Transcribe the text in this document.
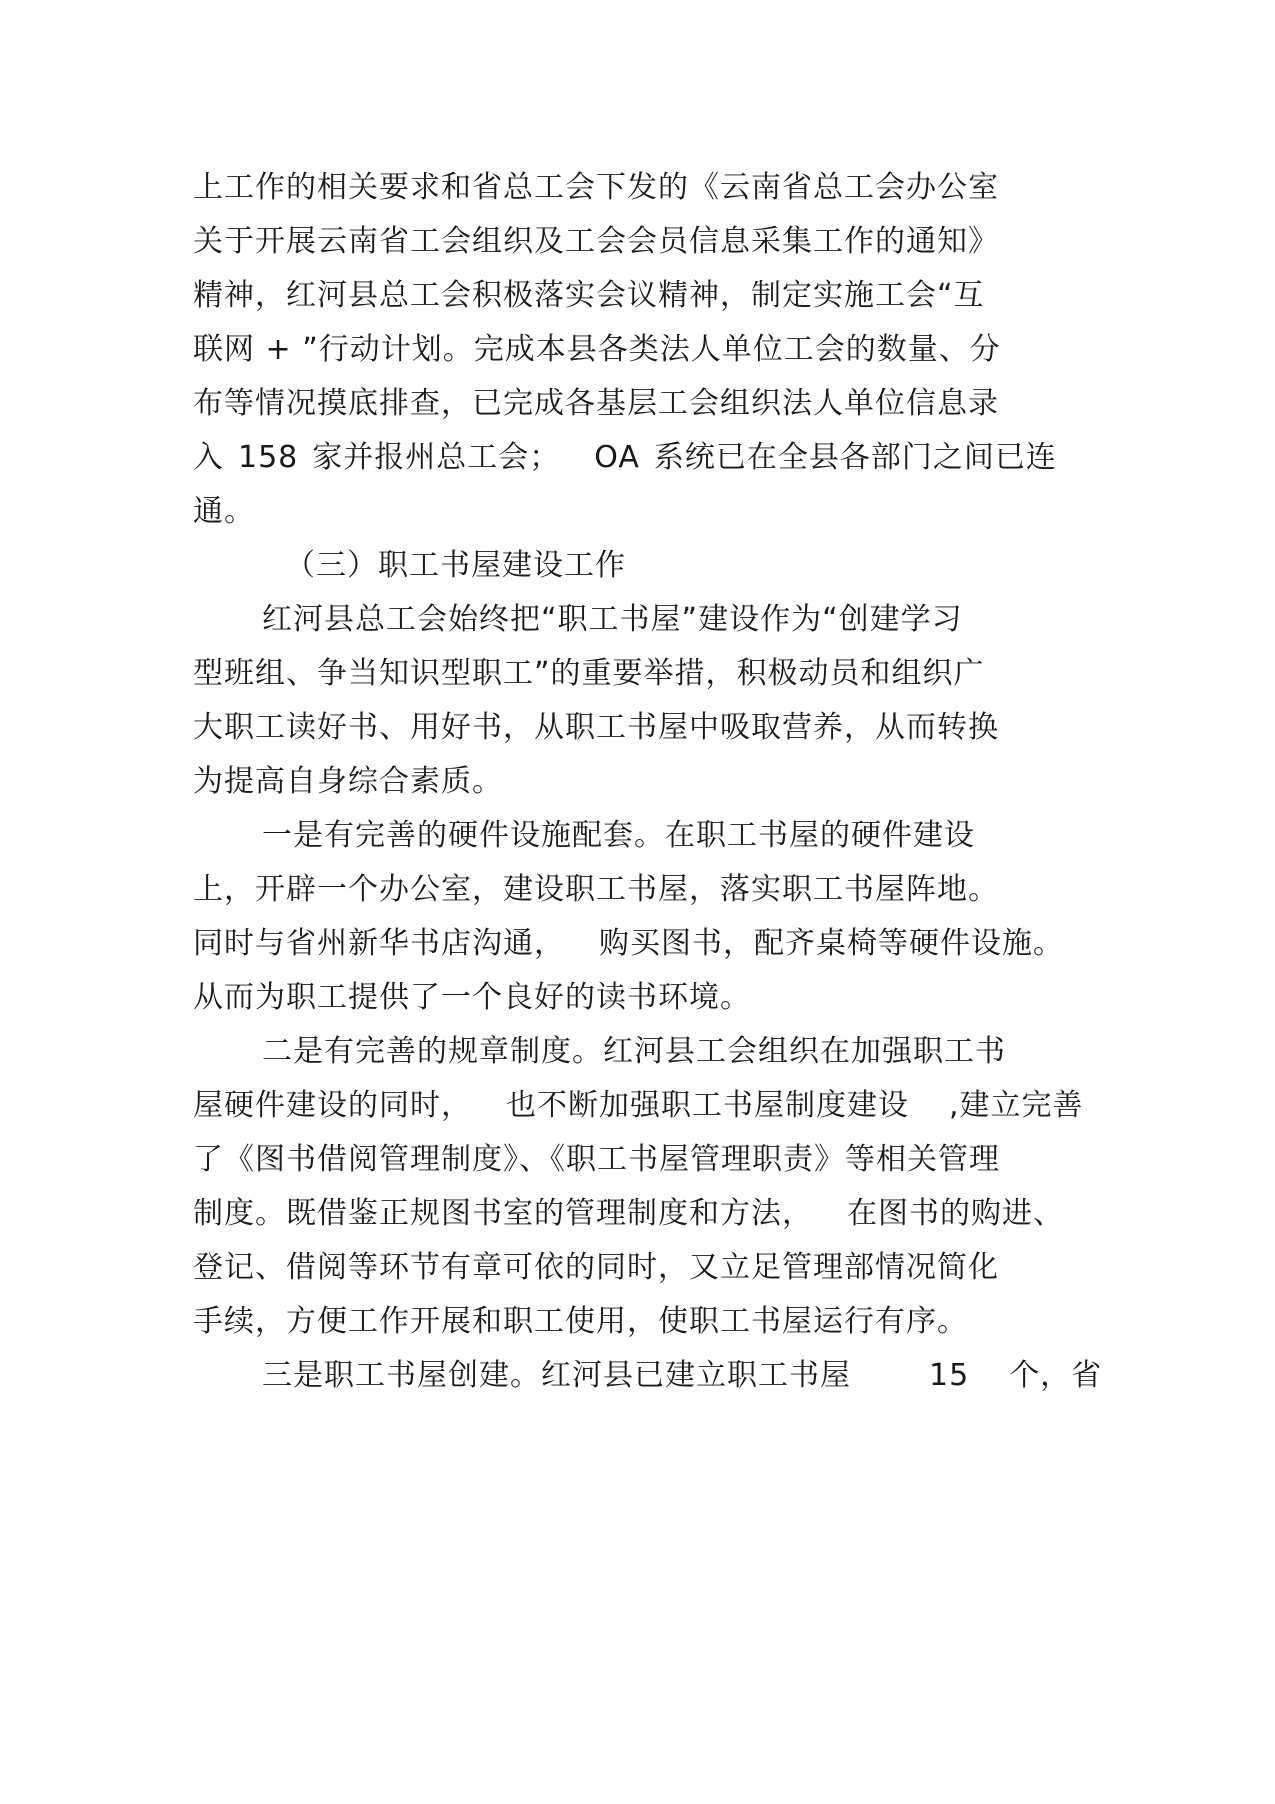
上工作的相关要求和省总工会下发的《云南省总工会办公室
关于开展云南省工会组织及工会会员信息采集工作的通知》
精神，红河县总工会积极落实会议精神，制定实施工会“互
联网 + ”行动计划。完成本县各类法人单位工会的数量、分
布等情况摸底排查，已完成各基层工会组织法人单位信息录
入 158 家并报州总工会； OA 系统已在全县各部门之间已连
通。
（三）职工书屋建设工作
红河县总工会始终把“职工书屋”建设作为“创建学习
型班组、争当知识型职工”的重要举措，积极动员和组织广
大职工读好书、用好书，从职工书屋中吸取营养，从而转换
为提高自身综合素质。
一是有完善的硬件设施配套。在职工书屋的硬件建设
上，开辟一个办公室，建设职工书屋，落实职工书屋阵地。
同时与省州新华书店沟通， 购买图书，配齐桌椅等硬件设施。
从而为职工提供了一个良好的读书环境。
二是有完善的规章制度。红河县工会组织在加强职工书
屋硬件建设的同时， 也不断加强职工书屋制度建设 ,建立完善
了《图书借阅管理制度》、《职工书屋管理职责》等相关管理
制度。既借鉴正规图书室的管理制度和方法， 在图书的购进、
登记、借阅等环节有章可依的同时，又立足管理部情况简化
手续，方便工作开展和职工使用，使职工书屋运行有序。
三是职工书屋创建。红河县已建立职工书屋	15 个，省
